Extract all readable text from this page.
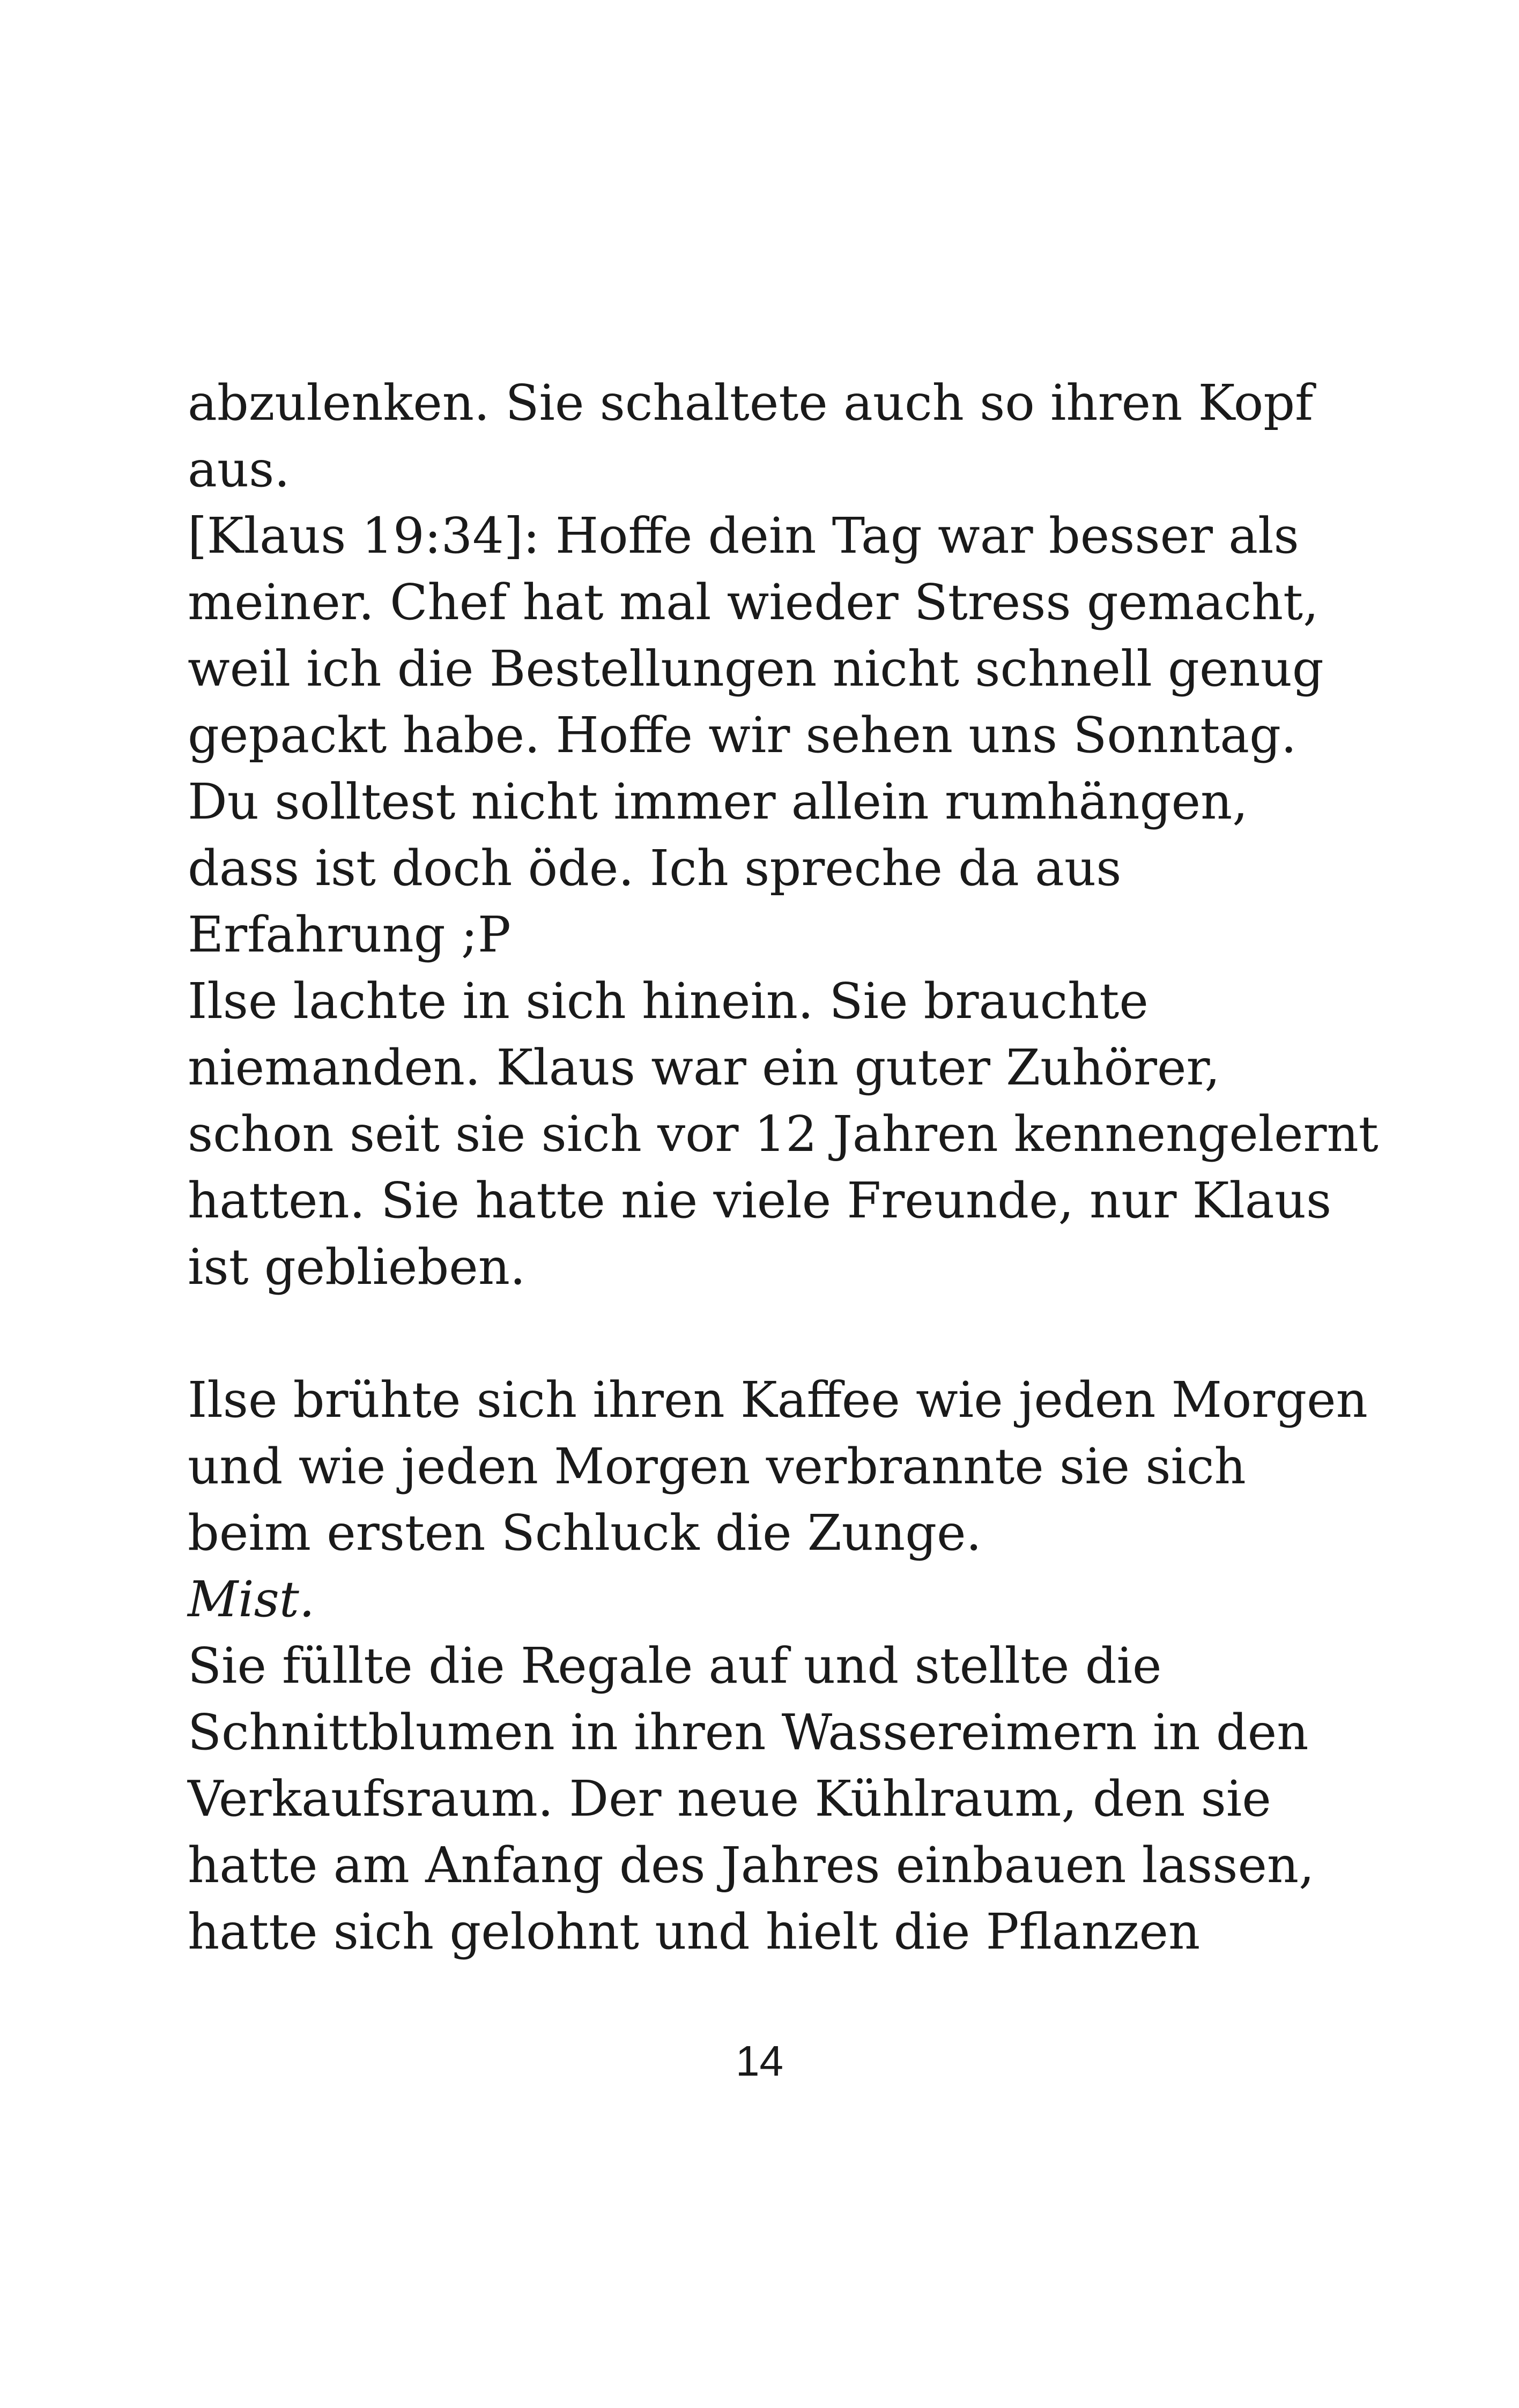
abzulenken. Sie schaltete auch so ihren Kopf
aus.
[Klaus 19:34]: Hoffe dein Tag war besser als
meiner. Chef hat mal wieder Stress gemacht,
weil ich die Bestellungen nicht schnell genug
gepackt habe. Hoffe wir sehen uns Sonntag.
Du solltest nicht immer allein rumhängen,
dass ist doch öde. Ich spreche da aus
Erfahrung ;P
Ilse lachte in sich hinein. Sie brauchte
niemanden. Klaus war ein guter Zuhörer,
schon seit sie sich vor 12 Jahren kennengelernt
hatten. Sie hatte nie viele Freunde, nur Klaus
ist geblieben.
Ilse brühte sich ihren Kaffee wie jeden Morgen
und wie jeden Morgen verbrannte sie sich
beim ersten Schluck die Zunge.
Mist.
Sie füllte die Regale auf und stellte die
Schnittblumen in ihren Wassereimern in den
Verkaufsraum. Der neue Kühlraum, den sie
hatte am Anfang des Jahres einbauen lassen,
hatte sich gelohnt und hielt die Pflanzen
14
